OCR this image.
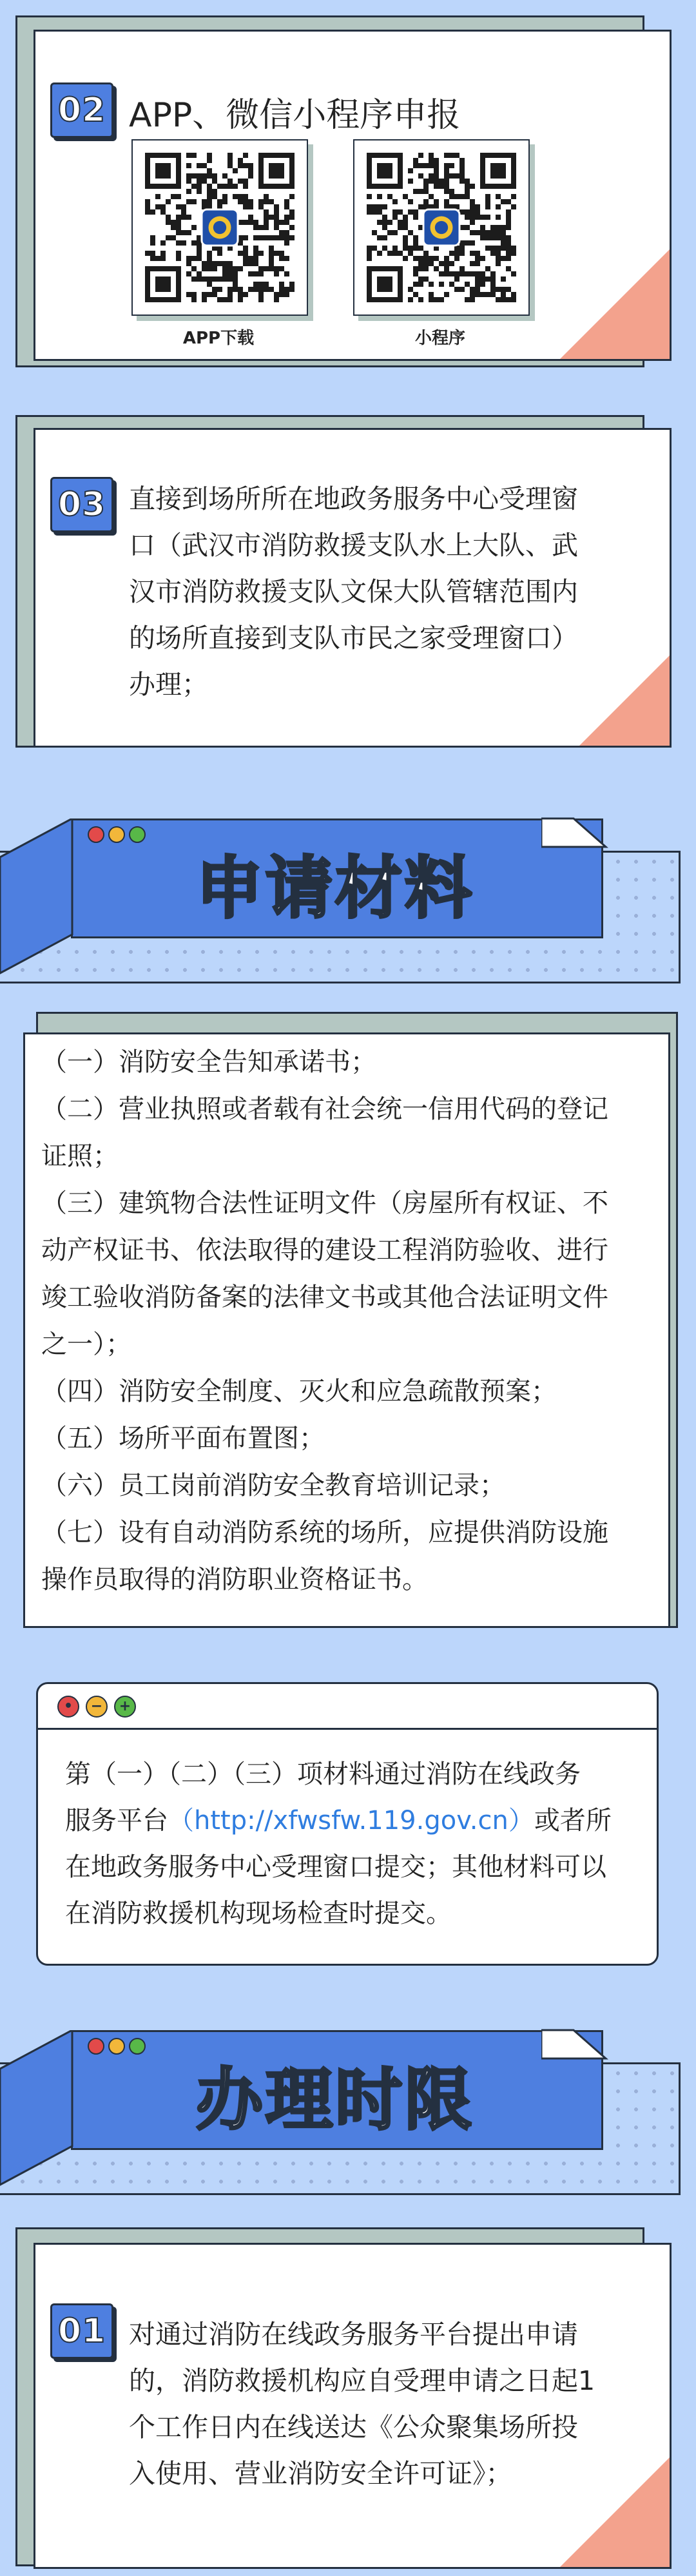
02 APP、微信小程序申报
APP下载	小程序
03 直接到场所所在地政务服务中心受理窗
口（武汉市消防救援支队水上大队、武
汉市消防救援支队文保大队管辖范围内
的场所直接到支队市民之家受理窗口）
办理；
申请材料
（一）消防安全告知承诺书；
（二）营业执照或者载有社会统一信用代码的登记
证照；
（三）建筑物合法性证明文件（房屋所有权证、不
动产权证书、依法取得的建设工程消防验收、进行
竣工验收消防备案的法律文书或其他合法证明文件
之一）；
（四）消防安全制度、灭火和应急疏散预案；
（五）场所平面布置图；
（六）员工岗前消防安全教育培训记录；
（七）设有自动消防系统的场所，应提供消防设施
操作员取得的消防职业资格证书。
•	−	+
第（一）（二）（三）项材料通过消防在线政务
服务平台（http://xfwsfw.119.gov.cn）或者所
在地政务服务中心受理窗口提交；其他材料可以
在消防救援机构现场检查时提交。
办理时限
01 对通过消防在线政务服务平台提出申请
的，消防救援机构应自受理申请之日起1
个工作日内在线送达《公众聚集场所投
入使用、营业消防安全许可证》；
